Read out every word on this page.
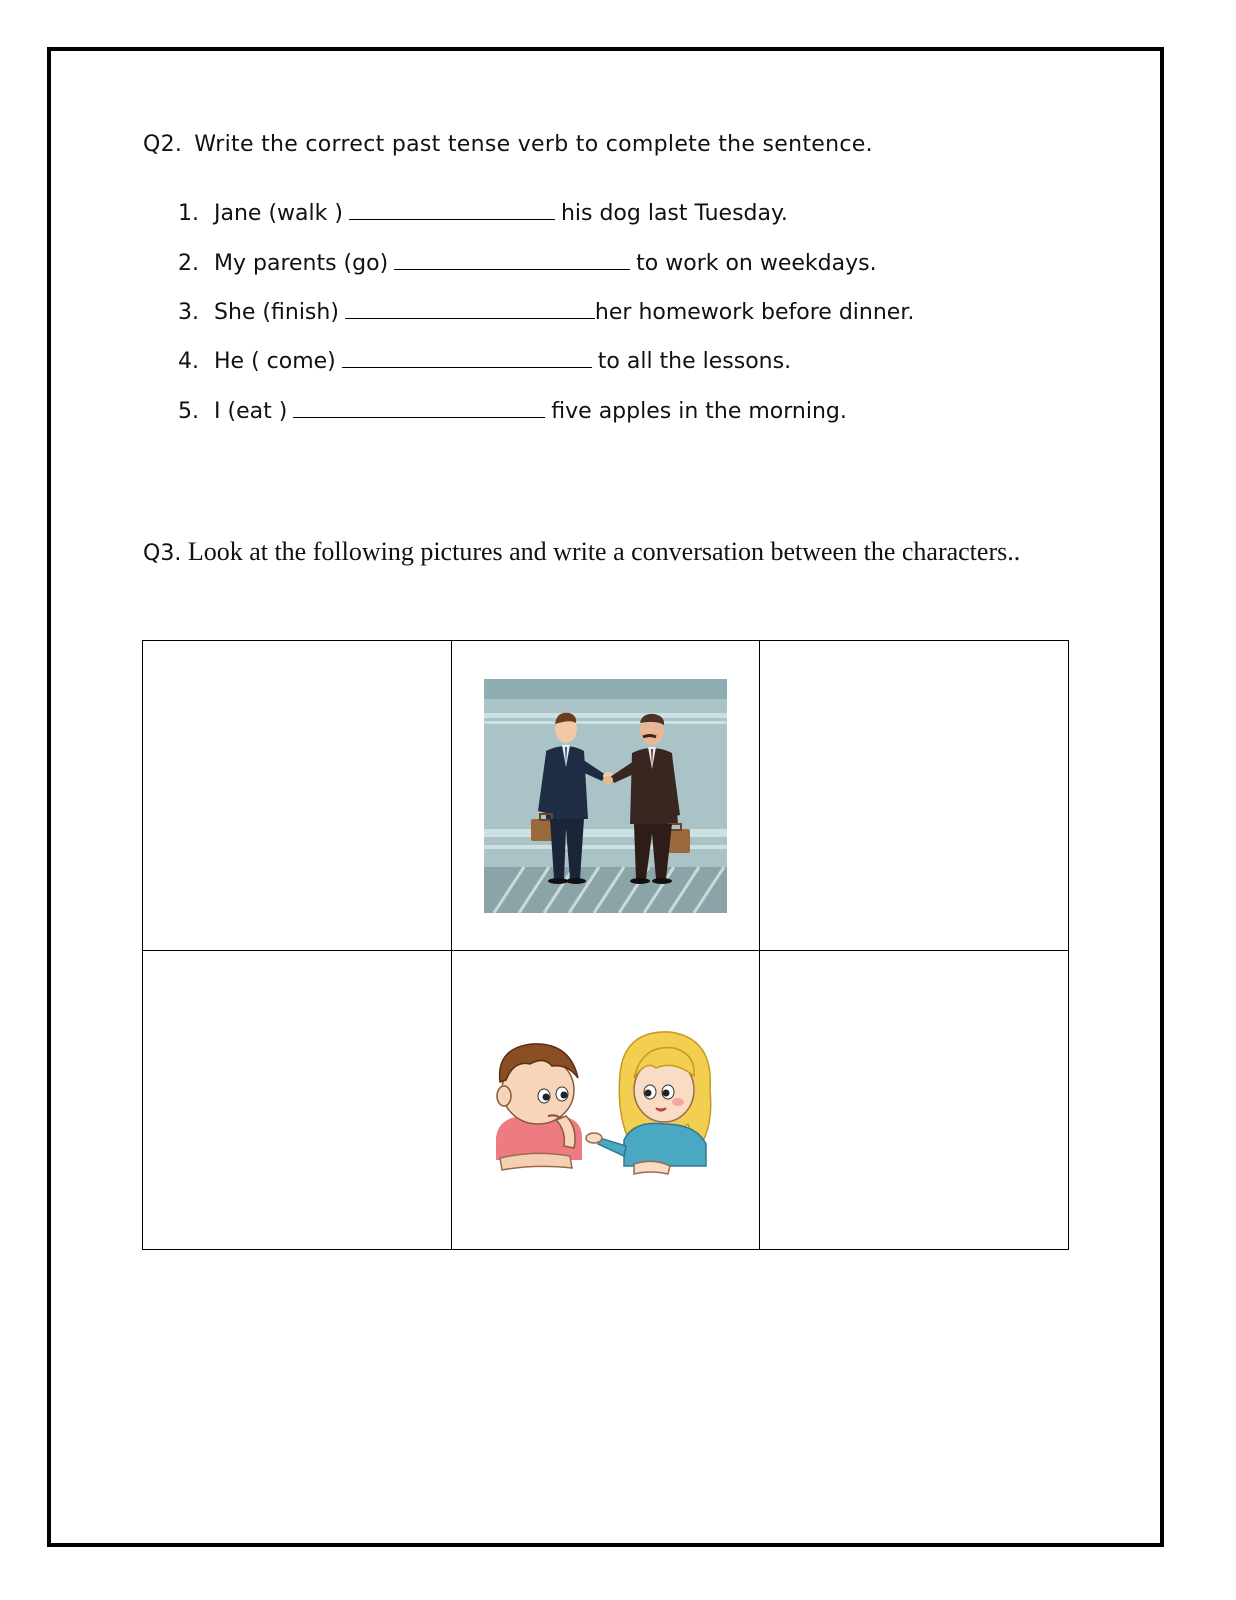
Q2. Write the correct past tense verb to complete the sentence.
1. Jane (walk )	his dog last Tuesday.
2. My parents (go)	to work on weekdays.
3. She (finish)	her homework before dinner.
4. He ( come)	to all the lessons.
5. I (eat )	five apples in the morning.
Q3. Look at the following pictures and write a conversation between the characters..
